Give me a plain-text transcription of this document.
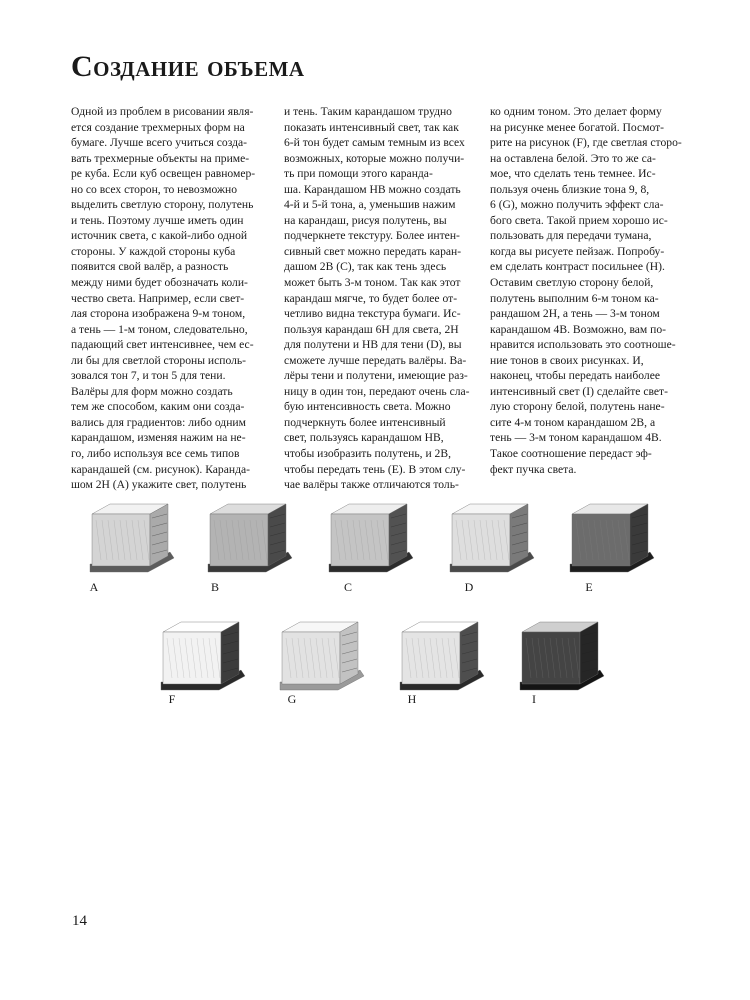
Создание объема
Одной из проблем в рисовании явля-
ется создание трехмерных форм на
бумаге. Лучше всего учиться созда-
вать трехмерные объекты на приме-
ре куба. Если куб освещен равномер-
но со всех сторон, то невозможно
выделить светлую сторону, полутень
и тень. Поэтому лучше иметь один
источник света, с какой-либо одной
стороны. У каждой стороны куба
появится свой валёр, а разность
между ними будет обозначать коли-
чество света. Например, если свет-
лая сторона изображена 9-м тоном,
а тень — 1-м тоном, следовательно,
падающий свет интенсивнее, чем ес-
ли бы для светлой стороны исполь-
зовался тон 7, и тон 5 для тени.
Валёры для форм можно создать
тем же способом, каким они созда-
вались для градиентов: либо одним
карандашом, изменяя нажим на не-
го, либо используя все семь типов
карандашей (см. рисунок). Каранда-
шом 2H (А) укажите свет, полутень
и тень. Таким карандашом трудно
показать интенсивный свет, так как
6-й тон будет самым темным из всех
возможных, которые можно получи-
ть при помощи этого каранда-
ша. Карандашом HB можно создать
4-й и 5-й тона, а, уменьшив нажим
на карандаш, рисуя полутень, вы
подчеркнете текстуру. Более интен-
сивный свет можно передать каран-
дашом 2B (С), так как тень здесь
может быть 3-м тоном. Так как этот
карандаш мягче, то будет более от-
четливо видна текстура бумаги. Ис-
пользуя карандаш 6H для света, 2H
для полутени и HB для тени (D), вы
сможете лучше передать валёры. Ва-
лёры тени и полутени, имеющие раз-
ницу в один тон, передают очень сла-
бую интенсивность света. Можно
подчеркнуть более интенсивный
свет, пользуясь карандашом HB,
чтобы изобразить полутень, и 2B,
чтобы передать тень (E). В этом слу-
чае валёры также отличаются толь-
ко одним тоном. Это делает форму
на рисунке менее богатой. Посмот-
рите на рисунок (F), где светлая сторо-
на оставлена белой. Это то же са-
мое, что сделать тень темнее. Ис-
пользуя очень близкие тона 9, 8,
6 (G), можно получить эффект сла-
бого света. Такой прием хорошо ис-
пользовать для передачи тумана,
когда вы рисуете пейзаж. Попробу-
ем сделать контраст посильнее (H).
Оставим светлую сторону белой,
полутень выполним 6-м тоном ка-
рандашом 2H, а тень — 3-м тоном
карандашом 4B. Возможно, вам по-
нравится использовать это соотноше-
ние тонов в своих рисунках. И,
наконец, чтобы передать наиболее
интенсивный свет (I) сделайте свет-
лую сторону белой, полутень нане-
сите 4-м тоном карандашом 2B, а
тень — 3-м тоном карандашом 4B.
Такое соотношение передаст эф-
фект пучка света.
A	B	C	D	E
F	G	H	I

14
